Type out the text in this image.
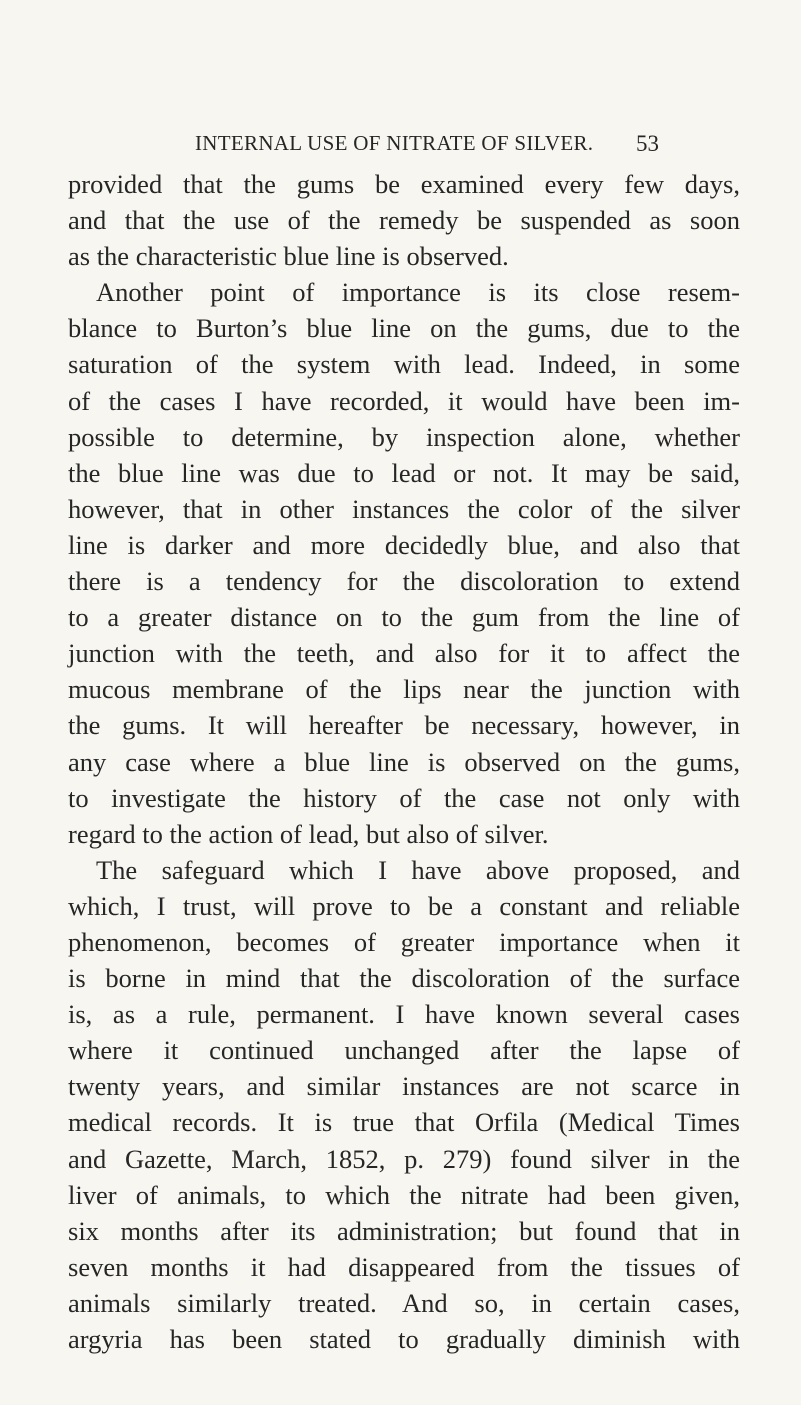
INTERNAL USE OF NITRATE OF SILVER. 53
provided that the gums be examined every few days,
and that the use of the remedy be suspended as soon
as the characteristic blue line is observed.
Another point of importance is its close resem-
blance to Burton’s blue line on the gums, due to the
saturation of the system with lead. Indeed, in some
of the cases I have recorded, it would have been im-
possible to determine, by inspection alone, whether
the blue line was due to lead or not. It may be said,
however, that in other instances the color of the silver
line is darker and more decidedly blue, and also that
there is a tendency for the discoloration to extend
to a greater distance on to the gum from the line of
junction with the teeth, and also for it to affect the
mucous membrane of the lips near the junction with
the gums. It will hereafter be necessary, however, in
any case where a blue line is observed on the gums,
to investigate the history of the case not only with
regard to the action of lead, but also of silver.
The safeguard which I have above proposed, and
which, I trust, will prove to be a constant and reliable
phenomenon, becomes of greater importance when it
is borne in mind that the discoloration of the surface
is, as a rule, permanent. I have known several cases
where it continued unchanged after the lapse of
twenty years, and similar instances are not scarce in
medical records. It is true that Orfila (Medical Times
and Gazette, March, 1852, p. 279) found silver in the
liver of animals, to which the nitrate had been given,
six months after its administration; but found that in
seven months it had disappeared from the tissues of
animals similarly treated. And so, in certain cases,
argyria has been stated to gradually diminish with
